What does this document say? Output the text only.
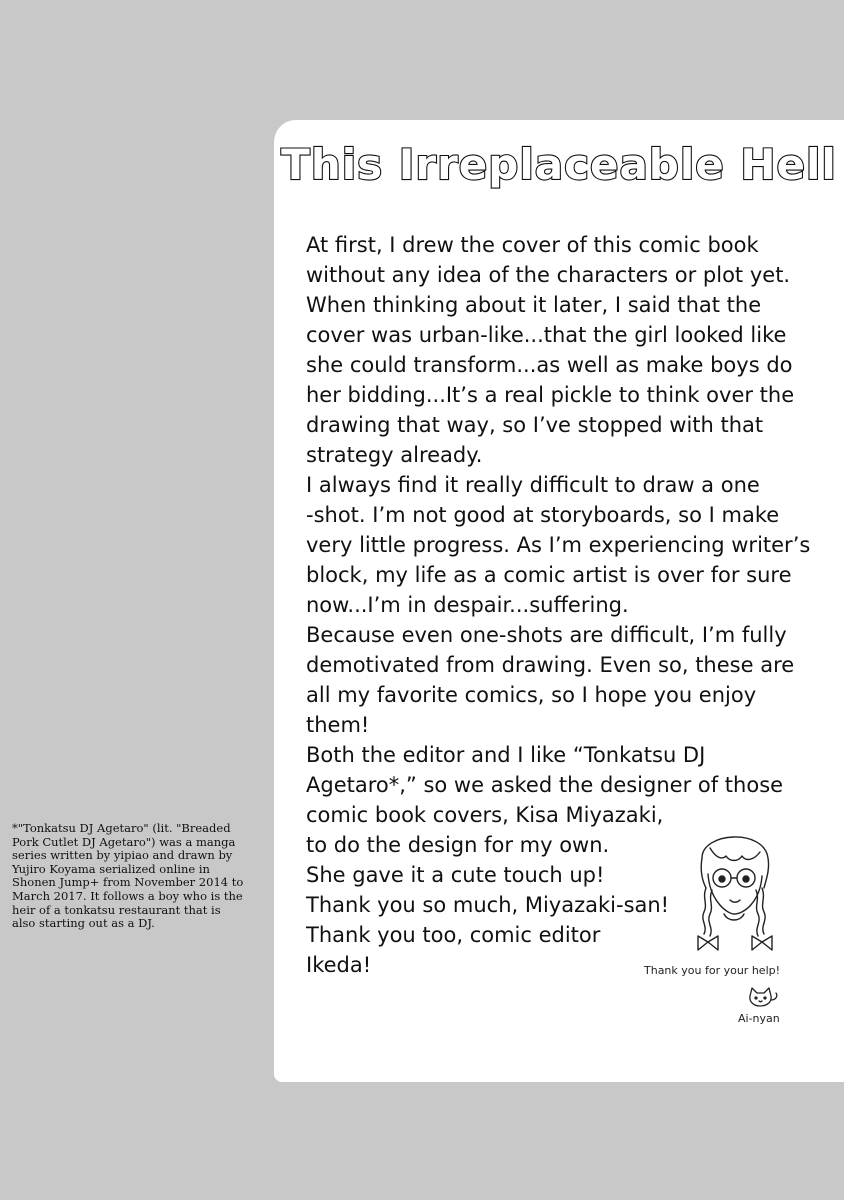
This Irreplaceable Hell
At first, I drew the cover of this comic book
without any idea of the characters or plot yet.
When thinking about it later, I said that the
cover was urban-like...that the girl looked like
she could transform...as well as make boys do
her bidding...It’s a real pickle to think over the
drawing that way, so I’ve stopped with that
strategy already.
I always find it really difficult to draw a one
-shot. I’m not good at storyboards, so I make
very little progress. As I’m experiencing writer’s
block, my life as a comic artist is over for sure
now...I’m in despair...suffering.
Because even one-shots are difficult, I’m fully
demotivated from drawing. Even so, these are
all my favorite comics, so I hope you enjoy
them!
Both the editor and I like “Tonkatsu DJ
Agetaro*,” so we asked the designer of those
comic book covers, Kisa Miyazaki,
to do the design for my own.
She gave it a cute touch up!
Thank you so much, Miyazaki-san!
Thank you too, comic editor
Ikeda!
*"Tonkatsu DJ Agetaro" (lit. "Breaded
Pork Cutlet DJ Agetaro") was a manga
series written by yipiao and drawn by
Yujiro Koyama serialized online in
Shonen Jump+ from November 2014 to
March 2017. It follows a boy who is the
heir of a tonkatsu restaurant that is
also starting out as a DJ.
Thank you for your help!
Ai-nyan
